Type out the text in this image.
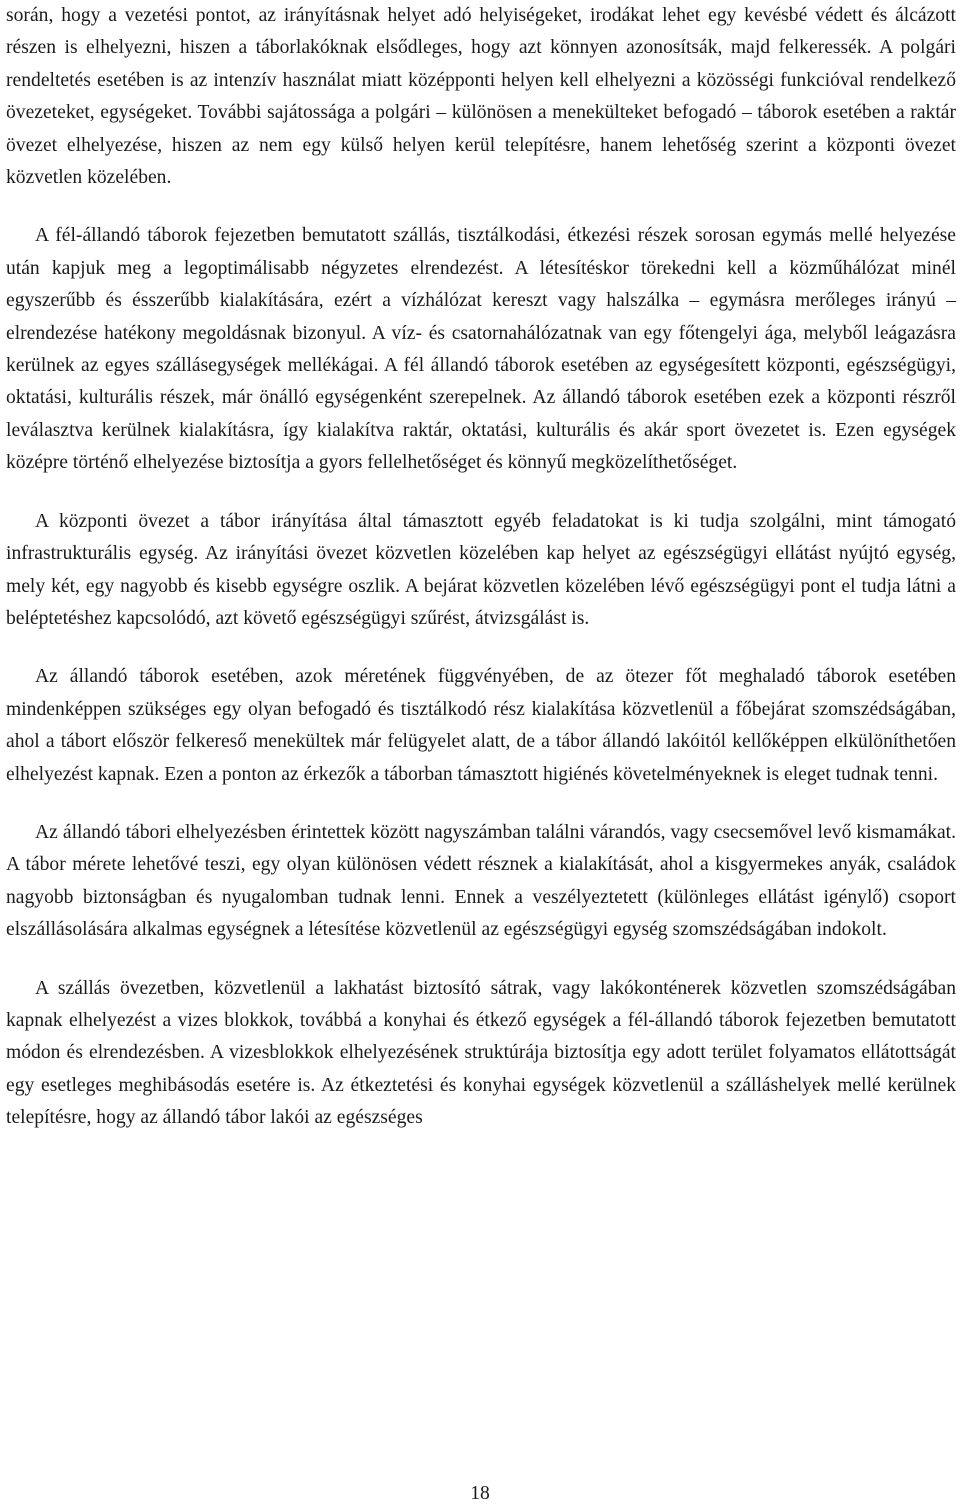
során, hogy a vezetési pontot, az irányításnak helyet adó helyiségeket, irodákat lehet egy kevésbé védett és álcázott részen is elhelyezni, hiszen a táborlakóknak elsődleges, hogy azt könnyen azonosítsák, majd felkeressék. A polgári rendeltetés esetében is az intenzív használat miatt középponti helyen kell elhelyezni a közösségi funkcióval rendelkező övezeteket, egységeket. További sajátossága a polgári – különösen a menekülteket befogadó – táborok esetében a raktár övezet elhelyezése, hiszen az nem egy külső helyen kerül telepítésre, hanem lehetőség szerint a központi övezet közvetlen közelében.

A fél-állandó táborok fejezetben bemutatott szállás, tisztálkodási, étkezési részek sorosan egymás mellé helyezése után kapjuk meg a legoptimálisabb négyzetes elrendezést. A létesítéskor törekedni kell a közműhálózat minél egyszerűbb és ésszerűbb kialakítására, ezért a vízhálózat kereszt vagy halszálka – egymásra merőleges irányú – elrendezése hatékony megoldásnak bizonyul. A víz- és csatornahálózatnak van egy főtengelyi ága, melyből leágazásra kerülnek az egyes szállásegységek mellékágai. A fél állandó táborok esetében az egységesített központi, egészségügyi, oktatási, kulturális részek, már önálló egységenként szerepelnek. Az állandó táborok esetében ezek a központi részről leválasztva kerülnek kialakításra, így kialakítva raktár, oktatási, kulturális és akár sport övezetet is. Ezen egységek középre történő elhelyezése biztosítja a gyors fellelhetőséget és könnyű megközelíthetőséget.

A központi övezet a tábor irányítása által támasztott egyéb feladatokat is ki tudja szolgálni, mint támogató infrastrukturális egység. Az irányítási övezet közvetlen közelében kap helyet az egészségügyi ellátást nyújtó egység, mely két, egy nagyobb és kisebb egységre oszlik. A bejárat közvetlen közelében lévő egészségügyi pont el tudja látni a beléptetéshez kapcsolódó, azt követő egészségügyi szűrést, átvizsgálást is.

Az állandó táborok esetében, azok méretének függvényében, de az ötezer főt meghaladó táborok esetében mindenképpen szükséges egy olyan befogadó és tisztálkodó rész kialakítása közvetlenül a főbejárat szomszédságában, ahol a tábort először felkereső menekültek már felügyelet alatt, de a tábor állandó lakóitól kellőképpen elkülöníthetően elhelyezést kapnak. Ezen a ponton az érkezők a táborban támasztott higiénés követelményeknek is eleget tudnak tenni.

Az állandó tábori elhelyezésben érintettek között nagyszámban találni várandós, vagy csecsemővel levő kismamákat. A tábor mérete lehetővé teszi, egy olyan különösen védett résznek a kialakítását, ahol a kisgyermekes anyák, családok nagyobb biztonságban és nyugalomban tudnak lenni. Ennek a veszélyeztetett (különleges ellátást igénylő) csoport elszállásolására alkalmas egységnek a létesítése közvetlenül az egészségügyi egység szomszédságában indokolt.

A szállás övezetben, közvetlenül a lakhatást biztosító sátrak, vagy lakókonténerek közvetlen szomszédságában kapnak elhelyezést a vizes blokkok, továbbá a konyhai és étkező egységek a fél-állandó táborok fejezetben bemutatott módon és elrendezésben. A vizesblokkok elhelyezésének struktúrája biztosítja egy adott terület folyamatos ellátottságát egy esetleges meghibásodás esetére is. Az étkeztetési és konyhai egységek közvetlenül a szálláshelyek mellé kerülnek telepítésre, hogy az állandó tábor lakói az egészséges

18
